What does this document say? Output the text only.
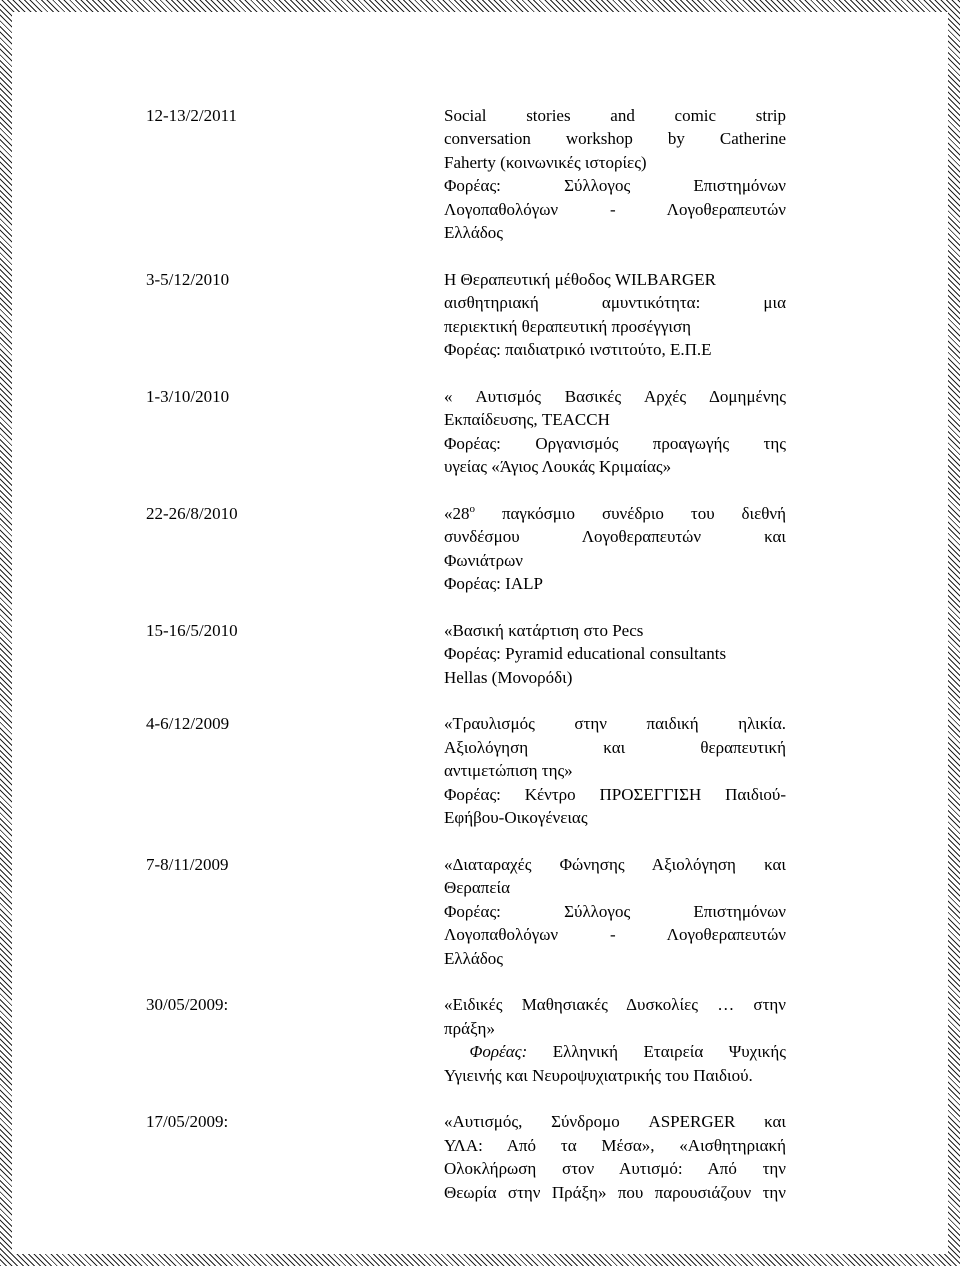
12-13/2/2011	Social stories and comic strip
conversation workshop by Catherine
Faherty (κοινωνικές ιστορίες)
Φορέας: Σύλλογος Επιστημόνων
Λογοπαθολόγων - Λογοθεραπευτών
Ελλάδος
3-5/12/2010	Η Θεραπευτική μέθοδος WILBARGER
αισθητηριακή αμυντικότητα: μια
περιεκτική θεραπευτική προσέγγιση
Φορέας: παιδιατρικό ινστιτούτο, Ε.Π.Ε
1-3/10/2010	« Αυτισμός Βασικές Αρχές Δομημένης
Εκπαίδευσης, TEACCH
Φορέας: Οργανισμός προαγωγής της
υγείας «Άγιος Λουκάς Κριμαίας»
22-26/8/2010	«$28^o$ παγκόσμιο συνέδριο του διεθνή
συνδέσμου Λογοθεραπευτών και
Φωνιάτρων
Φορέας: IALP
15-16/5/2010	«Βασική κατάρτιση στο Pecs
Φορέας: Pyramid educational consultants
Hellas (Μονορόδι)
4-6/12/2009	«Τραυλισμός στην παιδική ηλικία.
Αξιολόγηση και θεραπευτική
αντιμετώπιση της»
Φορέας: Κέντρο ΠΡΟΣΕΓΓΙΣΗ Παιδιού-
Εφήβου-Οικογένειας
7-8/11/2009	«Διαταραχές Φώνησης Αξιολόγηση και
Θεραπεία
Φορέας: Σύλλογος Επιστημόνων
Λογοπαθολόγων - Λογοθεραπευτών
Ελλάδος
30/05/2009:	«Ειδικές Μαθησιακές Δυσκολίες … στην
πράξη»
Φορέας: Ελληνική Εταιρεία Ψυχικής
Υγιεινής και Νευροψυχιατρικής του Παιδιού.
17/05/2009:	«Αυτισμός, Σύνδρομο ASPERGER και
ΥΛΑ: Από τα Μέσα», «Αισθητηριακή
Ολοκλήρωση στον Αυτισμό: Από την
Θεωρία στην Πράξη» που παρουσιάζουν την
